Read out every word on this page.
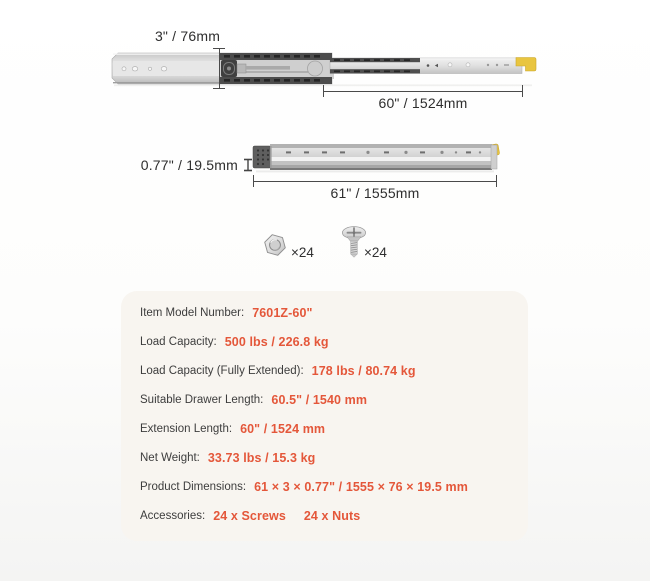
3" / 76mm
60" / 1524mm
0.77" / 19.5mm
61" / 1555mm
×24	×24
Item Model Number: 7601Z-60"
Load Capacity: 500 lbs / 226.8 kg
Load Capacity (Fully Extended): 178 lbs / 80.74 kg
Suitable Drawer Length: 60.5" / 1540 mm
Extension Length: 60" / 1524 mm
Net Weight: 33.73 lbs / 15.3 kg
Product Dimensions: 61 × 3 × 0.77" / 1555 × 76 × 19.5 mm
Accessories: 24 x Screws 24 x Nuts
